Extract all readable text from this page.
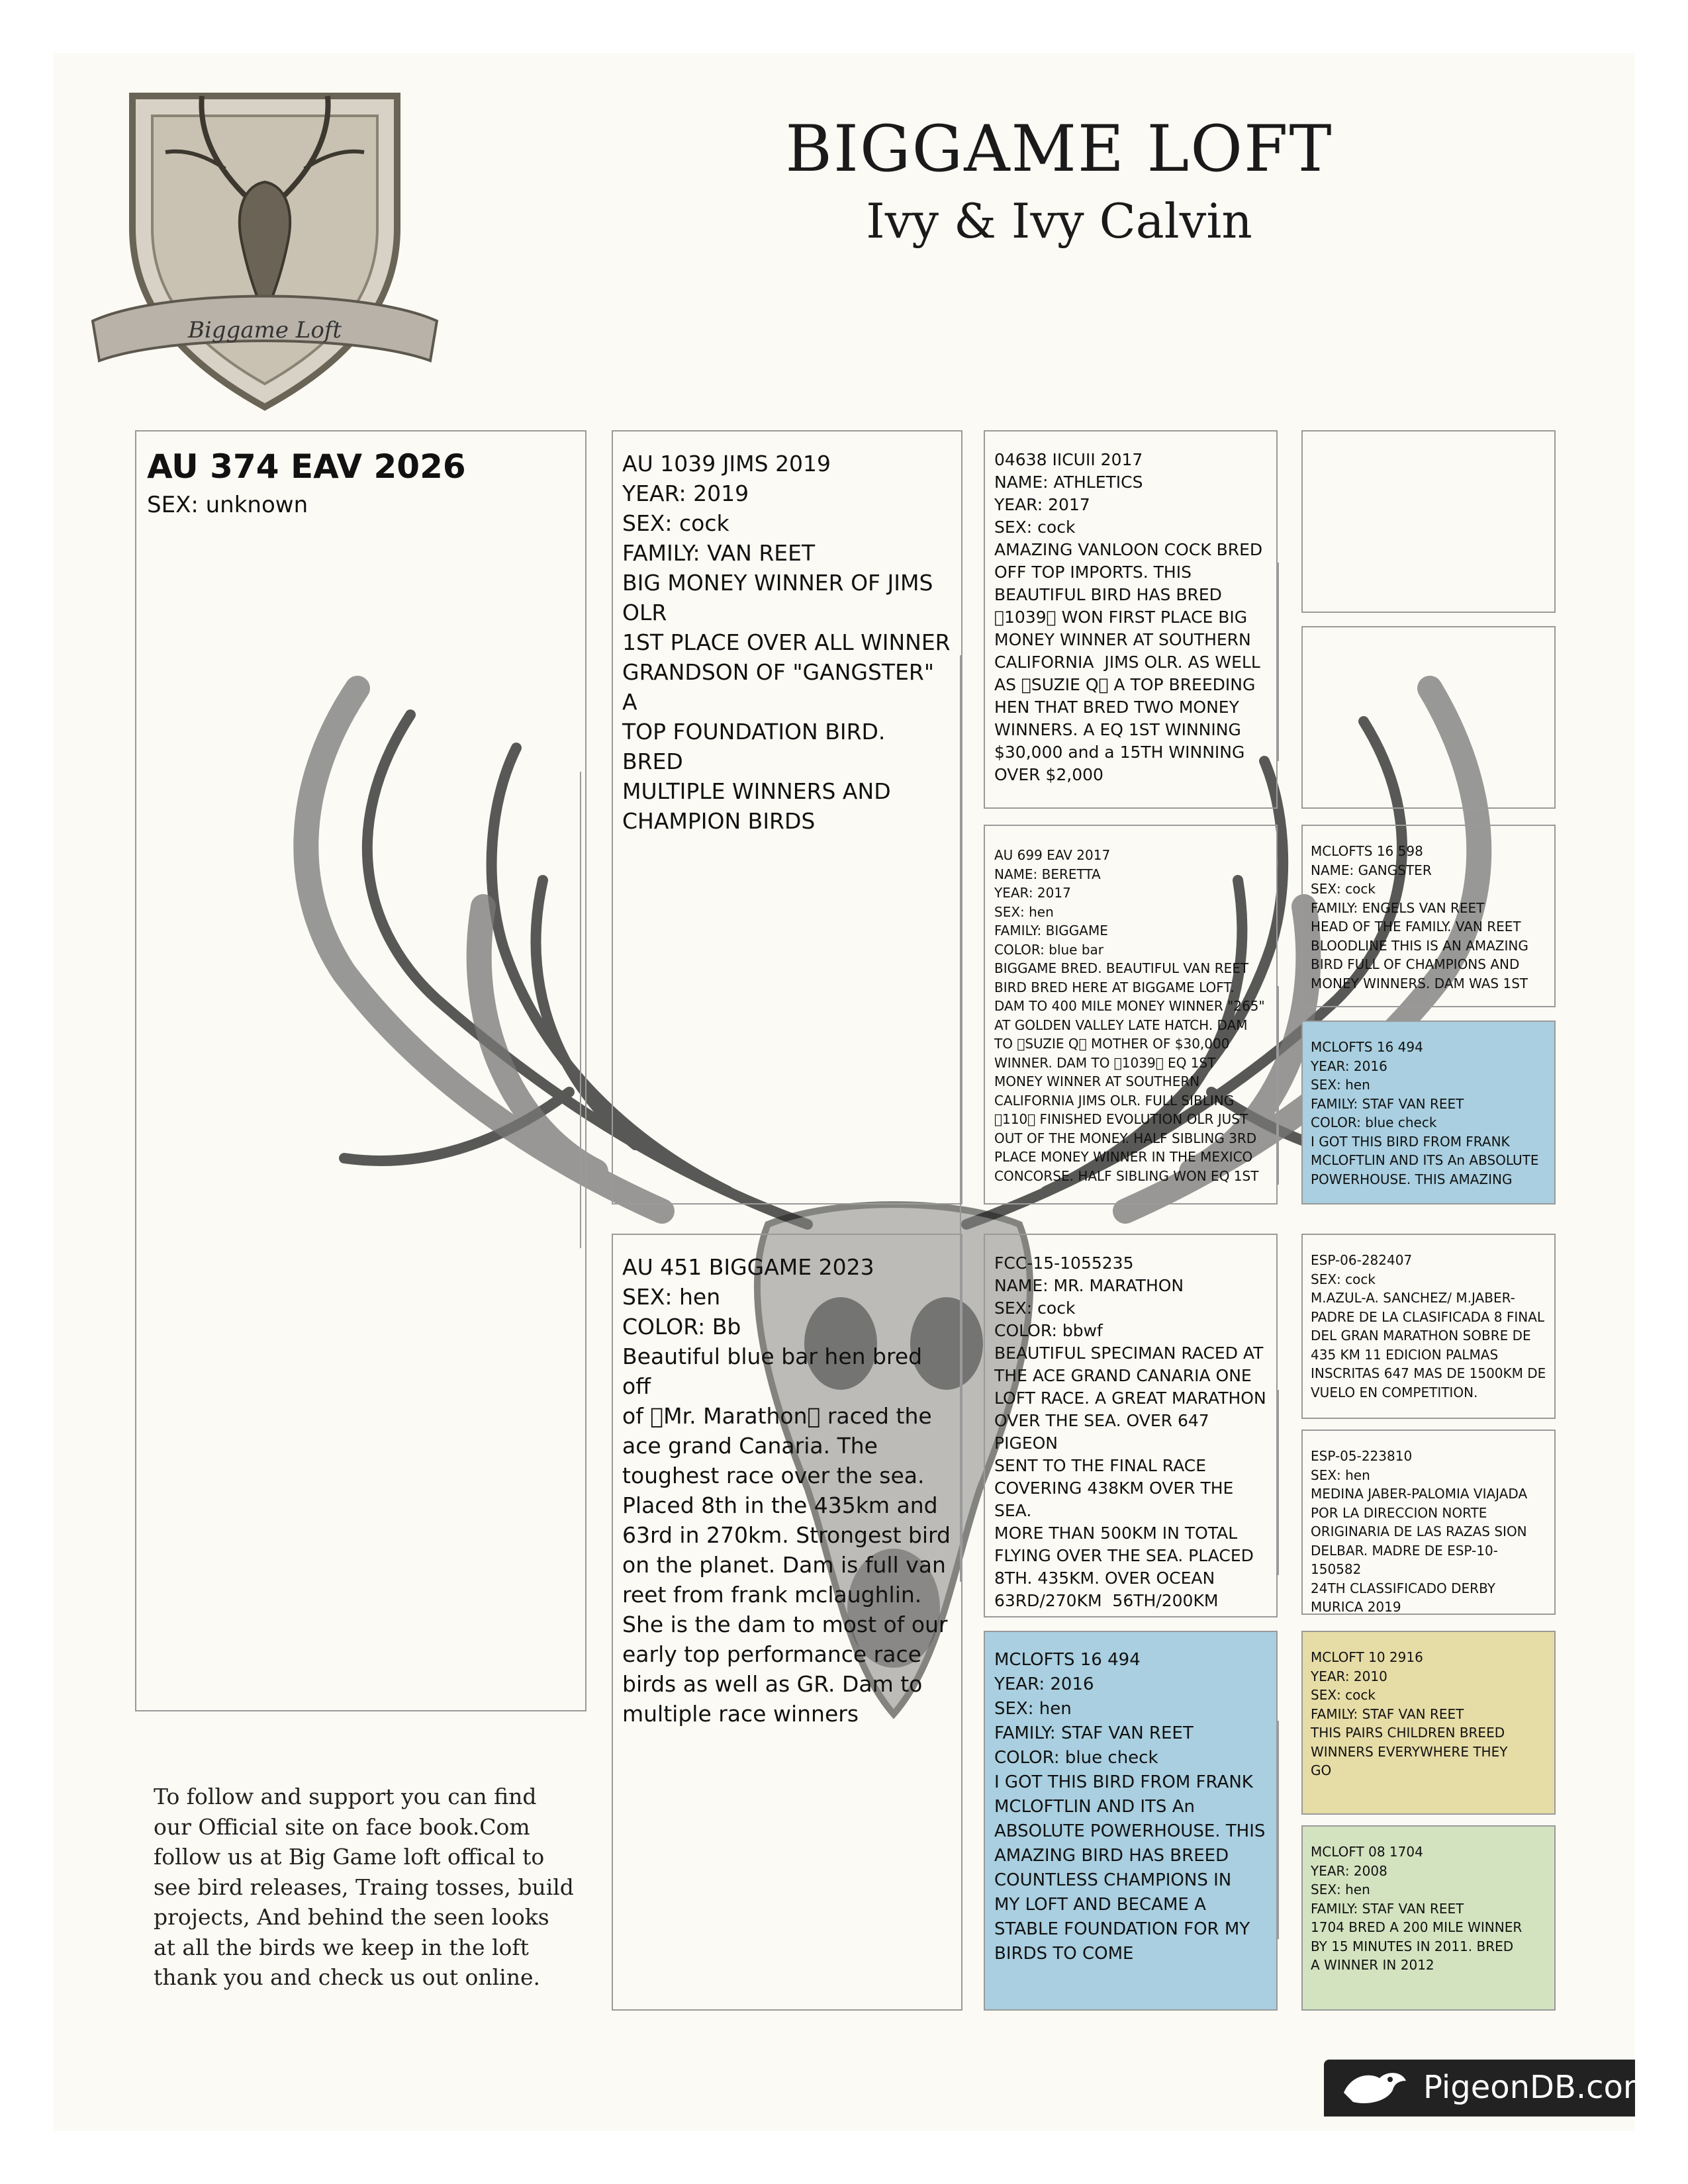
Biggame Loft
BIGGAME LOFT
Ivy & Ivy Calvin
AU 374 EAV 2026
SEX: unknown
AU 1039 JIMS 2019
YEAR: 2019
SEX: cock
FAMILY: VAN REET
BIG MONEY WINNER OF JIMS
OLR
1ST PLACE OVER ALL WINNER
GRANDSON OF "GANGSTER" A
TOP FOUNDATION BIRD. BRED
MULTIPLE WINNERS AND
CHAMPION BIRDS
AU 451 BIGGAME 2023
SEX: hen
COLOR: Bb
Beautiful blue bar hen bred off
of  Mr. Marathon  raced the
ace grand Canaria. The
toughest race over the sea.
Placed 8th in the 435km and
63rd in 270km. Strongest bird
on the planet. Dam is full van
reet from frank mclaughlin.
She is the dam to most of our
early top performance race
birds as well as GR. Dam to
multiple race winners
04638 IICUII 2017
NAME: ATHLETICS
YEAR: 2017
SEX: cock
AMAZING VANLOON COCK BRED
OFF TOP IMPORTS. THIS
BEAUTIFUL BIRD HAS BRED
 1039  WON FIRST PLACE BIG
MONEY WINNER AT SOUTHERN
CALIFORNIA  JIMS OLR. AS WELL
AS  SUZIE Q  A TOP BREEDING
HEN THAT BRED TWO MONEY
WINNERS. A EQ 1ST WINNING
$30,000 and a 15TH WINNING
OVER $2,000
AU 699 EAV 2017
NAME: BERETTA
YEAR: 2017
SEX: hen
FAMILY: BIGGAME
COLOR: blue bar
BIGGAME BRED. BEAUTIFUL VAN REET
BIRD BRED HERE AT BIGGAME LOFT.
DAM TO 400 MILE MONEY WINNER "265"
AT GOLDEN VALLEY LATE HATCH. DAM
TO  SUZIE Q  MOTHER OF $30,000
WINNER. DAM TO  1039  EQ 1ST
MONEY WINNER AT SOUTHERN
CALIFORNIA JIMS OLR. FULL SIBLING
 110  FINISHED EVOLUTION OLR JUST
OUT OF THE MONEY. HALF SIBLING 3RD
PLACE MONEY WINNER IN THE MEXICO
CONCORSE. HALF SIBLING WON EQ 1ST
FCC-15-1055235
NAME: MR. MARATHON
SEX: cock
COLOR: bbwf
BEAUTIFUL SPECIMAN RACED AT
THE ACE GRAND CANARIA ONE
LOFT RACE. A GREAT MARATHON
OVER THE SEA. OVER 647 PIGEON
SENT TO THE FINAL RACE
COVERING 438KM OVER THE SEA.
MORE THAN 500KM IN TOTAL
FLYING OVER THE SEA. PLACED
8TH. 435KM. OVER OCEAN
63RD/270KM  56TH/200KM
MCLOFTS 16 494
YEAR: 2016
SEX: hen
FAMILY: STAF VAN REET
COLOR: blue check
I GOT THIS BIRD FROM FRANK
MCLOFTLIN AND ITS An
ABSOLUTE POWERHOUSE. THIS
AMAZING BIRD HAS BREED
COUNTLESS CHAMPIONS IN
MY LOFT AND BECAME A
STABLE FOUNDATION FOR MY
BIRDS TO COME
MCLOFTS 16 598
NAME: GANGSTER
SEX: cock
FAMILY: ENGELS VAN REET
HEAD OF THE FAMILY. VAN REET
BLOODLINE THIS IS AN AMAZING
BIRD FULL OF CHAMPIONS AND
MONEY WINNERS. DAM WAS 1ST
MCLOFTS 16 494
YEAR: 2016
SEX: hen
FAMILY: STAF VAN REET
COLOR: blue check
I GOT THIS BIRD FROM FRANK
MCLOFTLIN AND ITS An ABSOLUTE
POWERHOUSE. THIS AMAZING
ESP-06-282407
SEX: cock
M.AZUL-A. SANCHEZ/ M.JABER-
PADRE DE LA CLASIFICADA 8 FINAL
DEL GRAN MARATHON SOBRE DE
435 KM 11 EDICION PALMAS
INSCRITAS 647 MAS DE 1500KM DE
VUELO EN COMPETITION.
ESP-05-223810
SEX: hen
MEDINA JABER-PALOMIA VIAJADA
POR LA DIRECCION NORTE
ORIGINARIA DE LAS RAZAS SION
DELBAR. MADRE DE ESP-10-150582
24TH CLASSIFICADO DERBY
MURICA 2019
MCLOFT 10 2916
YEAR: 2010
SEX: cock
FAMILY: STAF VAN REET
THIS PAIRS CHILDREN BREED
WINNERS EVERYWHERE THEY
GO
MCLOFT 08 1704
YEAR: 2008
SEX: hen
FAMILY: STAF VAN REET
1704 BRED A 200 MILE WINNER
BY 15 MINUTES IN 2011. BRED
A WINNER IN 2012
To follow and support you can find
our Official site on face book.Com
follow us at Big Game loft offical to
see bird releases, Traing tosses, build
projects, And behind the seen looks
at all the birds we keep in the loft
thank you and check us out online.
PigeonDB.com
